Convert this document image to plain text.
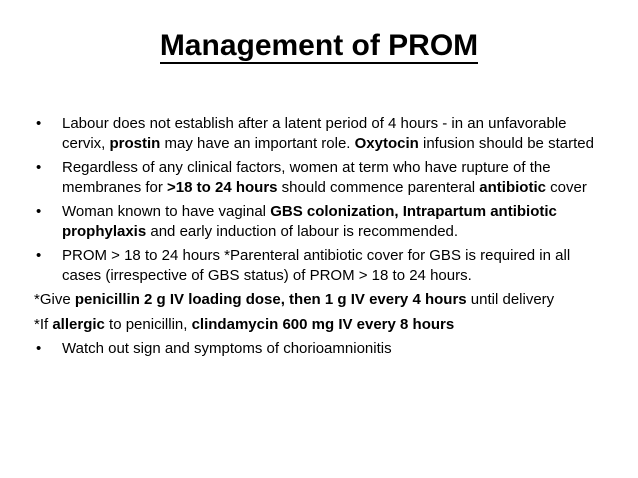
Management of PROM
• Labour does not establish after a latent period of 4 hours - in an unfavorable cervix, prostin may have an important role. Oxytocin infusion should be started
• Regardless of any clinical factors, women at term who have rupture of the membranes for >18 to 24 hours should commence parenteral antibiotic cover
• Woman known to have vaginal GBS colonization, Intrapartum antibiotic prophylaxis and early induction of labour is recommended.
• PROM > 18 to 24 hours *Parenteral antibiotic cover for GBS is required in all cases (irrespective of GBS status) of PROM > 18 to 24 hours.
*Give penicillin 2 g IV loading dose, then 1 g IV every 4 hours until delivery
*If allergic to penicillin, clindamycin 600 mg IV every 8 hours
• Watch out sign and symptoms of chorioamnionitis
